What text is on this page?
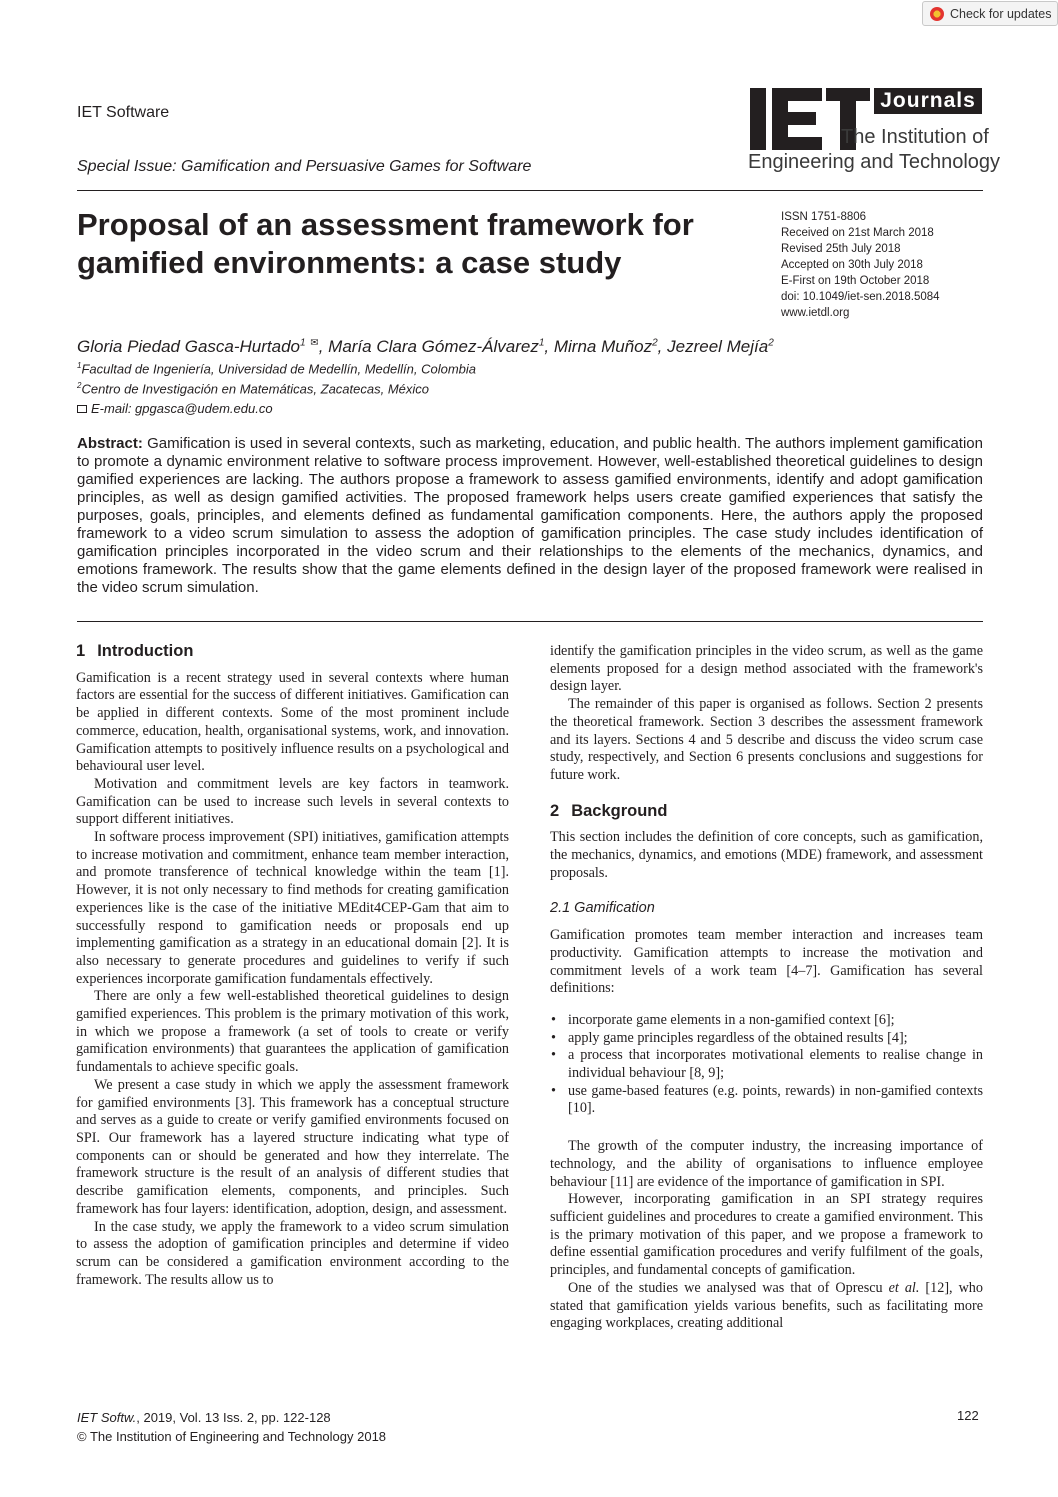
Check for updates
IET Software
Special Issue: Gamification and Persuasive Games for Software
Journals
The Institution of
Engineering and Technology
Proposal of an assessment framework for gamified environments: a case study
ISSN 1751-8806
Received on 21st March 2018
Revised 25th July 2018
Accepted on 30th July 2018
E-First on 19th October 2018
doi: 10.1049/iet-sen.2018.5084
www.ietdl.org
Gloria Piedad Gasca-Hurtado$^1$ ✉, María Clara Gómez-Álvarez$^1$, Mirna Muñoz$^2$, Jezreel Mejía$^2$
$^1$Facultad de Ingeniería, Universidad de Medellín, Medellín, Colombia
$^2$Centro de Investigación en Matemáticas, Zacatecas, México
E-mail: gpgasca@udem.edu.co
Abstract: Gamification is used in several contexts, such as marketing, education, and public health. The authors implement gamification to promote a dynamic environment relative to software process improvement. However, well-established theoretical guidelines to design gamified experiences are lacking. The authors propose a framework to assess gamified environments, identify and adopt gamification principles, as well as design gamified activities. The proposed framework helps users create gamified experiences that satisfy the purposes, goals, principles, and elements defined as fundamental gamification components. Here, the authors apply the proposed framework to a video scrum simulation to assess the adoption of gamification principles. The case study includes identification of gamification principles incorporated in the video scrum and their relationships to the elements of the mechanics, dynamics, and emotions framework. The results show that the game elements defined in the design layer of the proposed framework were realised in the video scrum simulation.
1 Introduction

Gamification is a recent strategy used in several contexts where human factors are essential for the success of different initiatives. Gamification can be applied in different contexts. Some of the most prominent include commerce, education, health, organisational systems, work, and innovation. Gamification attempts to positively influence results on a psychological and behavioural user level.

Motivation and commitment levels are key factors in teamwork. Gamification can be used to increase such levels in several contexts to support different initiatives.

In software process improvement (SPI) initiatives, gamification attempts to increase motivation and commitment, enhance team member interaction, and promote transference of technical knowledge within the team [1]. However, it is not only necessary to find methods for creating gamification experiences like is the case of the initiative MEdit4CEP-Gam that aim to successfully respond to gamification needs or proposals end up implementing gamification as a strategy in an educational domain [2]. It is also necessary to generate procedures and guidelines to verify if such experiences incorporate gamification fundamentals effectively.

There are only a few well-established theoretical guidelines to design gamified experiences. This problem is the primary motivation of this work, in which we propose a framework (a set of tools to create or verify gamification environments) that guarantees the application of gamification fundamentals to achieve specific goals.

We present a case study in which we apply the assessment framework for gamified environments [3]. This framework has a conceptual structure and serves as a guide to create or verify gamified environments focused on SPI. Our framework has a layered structure indicating what type of components can or should be generated and how they interrelate. The framework structure is the result of an analysis of different studies that describe gamification elements, components, and principles. Such framework has four layers: identification, adoption, design, and assessment.

In the case study, we apply the framework to a video scrum simulation to assess the adoption of gamification principles and determine if video scrum can be considered a gamification environment according to the framework. The results allow us to

identify the gamification principles in the video scrum, as well as the game elements proposed for a design method associated with the framework's design layer.

The remainder of this paper is organised as follows. Section 2 presents the theoretical framework. Section 3 describes the assessment framework and its layers. Sections 4 and 5 describe and discuss the video scrum case study, respectively, and Section 6 presents conclusions and suggestions for future work.

2 Background

This section includes the definition of core concepts, such as gamification, the mechanics, dynamics, and emotions (MDE) framework, and assessment proposals.

2.1 Gamification

Gamification promotes team member interaction and increases team productivity. Gamification attempts to increase the motivation and commitment levels of a work team [4–7]. Gamification has several definitions:

• incorporate game elements in a non-gamified context [6];
• apply game principles regardless of the obtained results [4];
• a process that incorporates motivational elements to realise change in individual behaviour [8, 9];
• use game-based features (e.g. points, rewards) in non-gamified contexts [10].

The growth of the computer industry, the increasing importance of technology, and the ability of organisations to influence employee behaviour [11] are evidence of the importance of gamification in SPI.

However, incorporating gamification in an SPI strategy requires sufficient guidelines and procedures to create a gamified environment. This is the primary motivation of this paper, and we propose a framework to define essential gamification procedures and verify fulfilment of the goals, principles, and fundamental concepts of gamification.

One of the studies we analysed was that of Oprescu et al. [12], who stated that gamification yields various benefits, such as facilitating more engaging workplaces, creating additional

IET Softw., 2019, Vol. 13 Iss. 2, pp. 122-128
© The Institution of Engineering and Technology 2018
122
